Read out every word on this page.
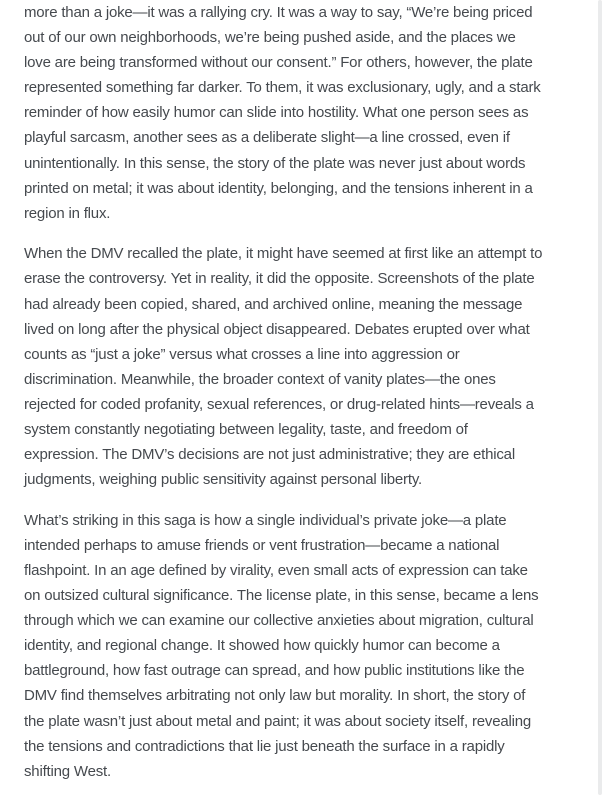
more than a joke—it was a rallying cry. It was a way to say, “We’re being priced
out of our own neighborhoods, we’re being pushed aside, and the places we
love are being transformed without our consent.” For others, however, the plate
represented something far darker. To them, it was exclusionary, ugly, and a stark
reminder of how easily humor can slide into hostility. What one person sees as
playful sarcasm, another sees as a deliberate slight—a line crossed, even if
unintentionally. In this sense, the story of the plate was never just about words
printed on metal; it was about identity, belonging, and the tensions inherent in a
region in flux.

When the DMV recalled the plate, it might have seemed at first like an attempt to
erase the controversy. Yet in reality, it did the opposite. Screenshots of the plate
had already been copied, shared, and archived online, meaning the message
lived on long after the physical object disappeared. Debates erupted over what
counts as “just a joke” versus what crosses a line into aggression or
discrimination. Meanwhile, the broader context of vanity plates—the ones
rejected for coded profanity, sexual references, or drug-related hints—reveals a
system constantly negotiating between legality, taste, and freedom of
expression. The DMV’s decisions are not just administrative; they are ethical
judgments, weighing public sensitivity against personal liberty.

What’s striking in this saga is how a single individual’s private joke—a plate
intended perhaps to amuse friends or vent frustration—became a national
flashpoint. In an age defined by virality, even small acts of expression can take
on outsized cultural significance. The license plate, in this sense, became a lens
through which we can examine our collective anxieties about migration, cultural
identity, and regional change. It showed how quickly humor can become a
battleground, how fast outrage can spread, and how public institutions like the
DMV find themselves arbitrating not only law but morality. In short, the story of
the plate wasn’t just about metal and paint; it was about society itself, revealing
the tensions and contradictions that lie just beneath the surface in a rapidly
shifting West.
